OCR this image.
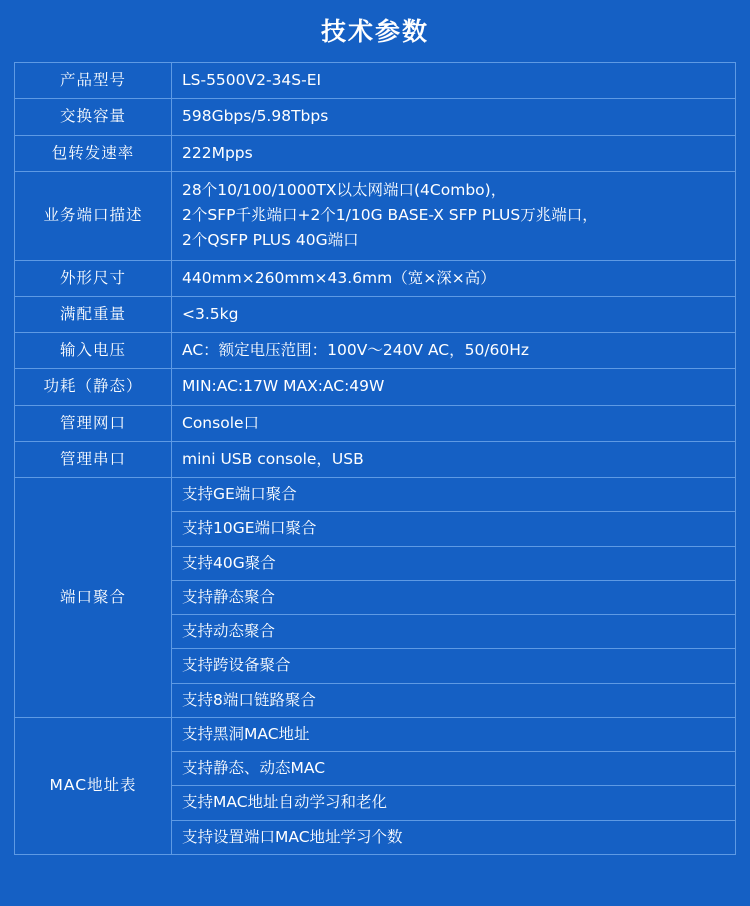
技术参数
产品型号	LS-5500V2-34S-EI
交换容量	598Gbps/5.98Tbps
包转发速率	222Mpps
业务端口描述	28个10/100/1000TX以太网端口(4Combo)，
2个SFP千兆端口+2个1/10G BASE-X SFP PLUS万兆端口，
2个QSFP PLUS 40G端口

外形尺寸	440mm×260mm×43.6mm（宽×深×高）
满配重量	<3.5kg
输入电压	AC：额定电压范围：100V～240V AC，50/60Hz
功耗（静态）	MIN:AC:17W MAX:AC:49W
管理网口	Console口
管理串口	mini USB console，USB
端口聚合	支持GE端口聚合
	支持10GE端口聚合
	支持40G聚合
	支持静态聚合
	支持动态聚合
	支持跨设备聚合
	支持8端口链路聚合
MAC地址表	支持黑洞MAC地址
	支持静态、动态MAC
	支持MAC地址自动学习和老化
	支持设置端口MAC地址学习个数
